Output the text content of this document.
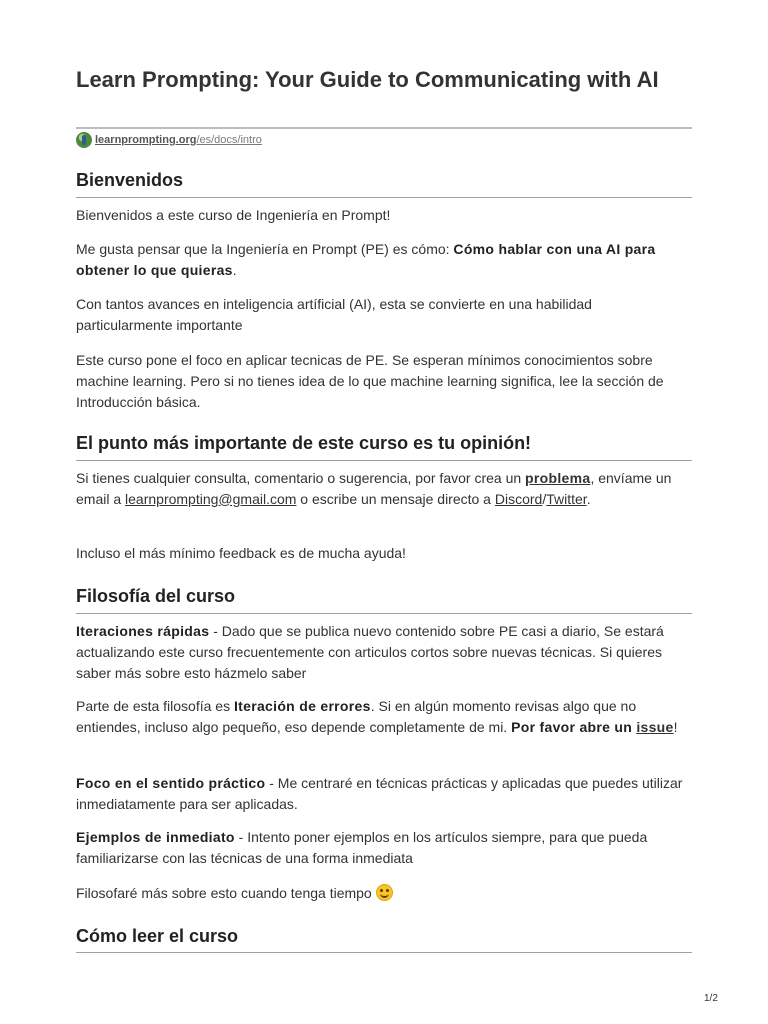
Learn Prompting: Your Guide to Communicating with AI
learnprompting.org /es/docs/intro
Bienvenidos

Bienvenidos a este curso de Ingeniería en Prompt!

Me gusta pensar que la Ingeniería en Prompt (PE) es cómo: Cómo hablar con una AI para obtener lo que quieras.

Con tantos avances en inteligencia artíficial (AI), esta se convierte en una habilidad particularmente importante

Este curso pone el foco en aplicar tecnicas de PE. Se esperan mínimos conocimientos sobre machine learning. Pero si no tienes idea de lo que machine learning significa, lee la sección de Introducción básica.

El punto más importante de este curso es tu opinión!

Si tienes cualquier consulta, comentario o sugerencia, por favor crea un problema, envíame un email a learnprompting@gmail.com o escribe un mensaje directo a Discord/Twitter.

Incluso el más mínimo feedback es de mucha ayuda!

Filosofía del curso

Iteraciones rápidas - Dado que se publica nuevo contenido sobre PE casi a diario, Se estará actualizando este curso frecuentemente con articulos cortos sobre nuevas técnicas. Si quieres saber más sobre esto házmelo saber

Parte de esta filosofía es Iteración de errores. Si en algún momento revisas algo que no entiendes, incluso algo pequeño, eso depende completamente de mi. Por favor abre un issue!

Foco en el sentido práctico - Me centraré en técnicas prácticas y aplicadas que puedes utilizar inmediatamente para ser aplicadas.

Ejemplos de inmediato - Intento poner ejemplos en los artículos siempre, para que pueda familiarizarse con las técnicas de una forma inmediata

Filosofaré más sobre esto cuando tenga tiempo

Cómo leer el curso
1/2
